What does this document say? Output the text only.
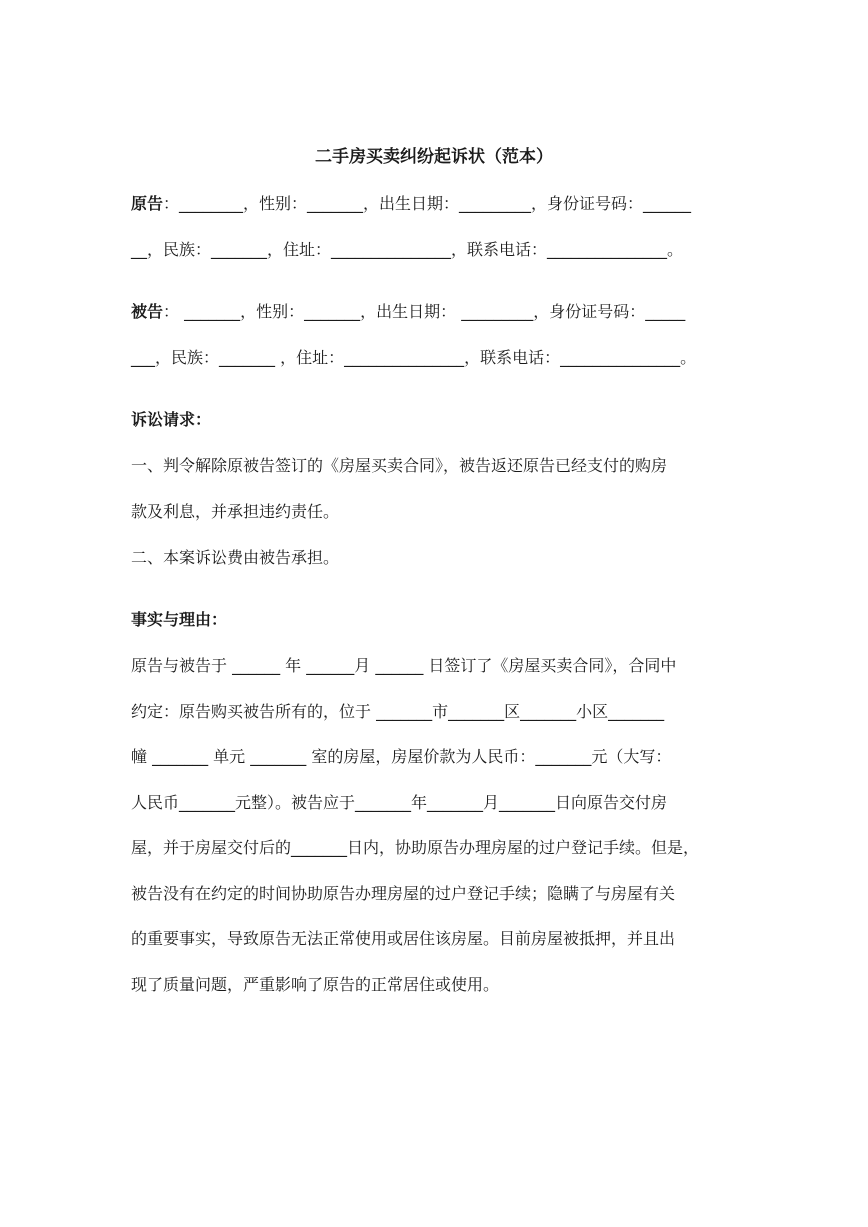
二手房买卖纠纷起诉状（范本）
原告：________，性别：_______，出生日期：_________，身份证号码：______
__，民族：_______，住址：_______________，联系电话：_______________。
被告： _______，性别：_______，出生日期： _________，身份证号码：_____
___，民族：_______ ，住址：_______________，联系电话：_______________。
诉讼请求：
一、判令解除原被告签订的《房屋买卖合同》，被告返还原告已经支付的购房
款及利息，并承担违约责任。
二、本案诉讼费由被告承担。
事实与理由：
原告与被告于 ______ 年 ______月 ______ 日签订了《房屋买卖合同》，合同中
约定：原告购买被告所有的，位于 _______市_______区_______小区_______
幢 _______ 单元 _______ 室的房屋，房屋价款为人民币：_______元（大写：
人民币_______元整）。被告应于_______年_______月_______日向原告交付房
屋，并于房屋交付后的_______日内，协助原告办理房屋的过户登记手续。但是，
被告没有在约定的时间协助原告办理房屋的过户登记手续；隐瞒了与房屋有关
的重要事实，导致原告无法正常使用或居住该房屋。目前房屋被抵押，并且出
现了质量问题，严重影响了原告的正常居住或使用。
